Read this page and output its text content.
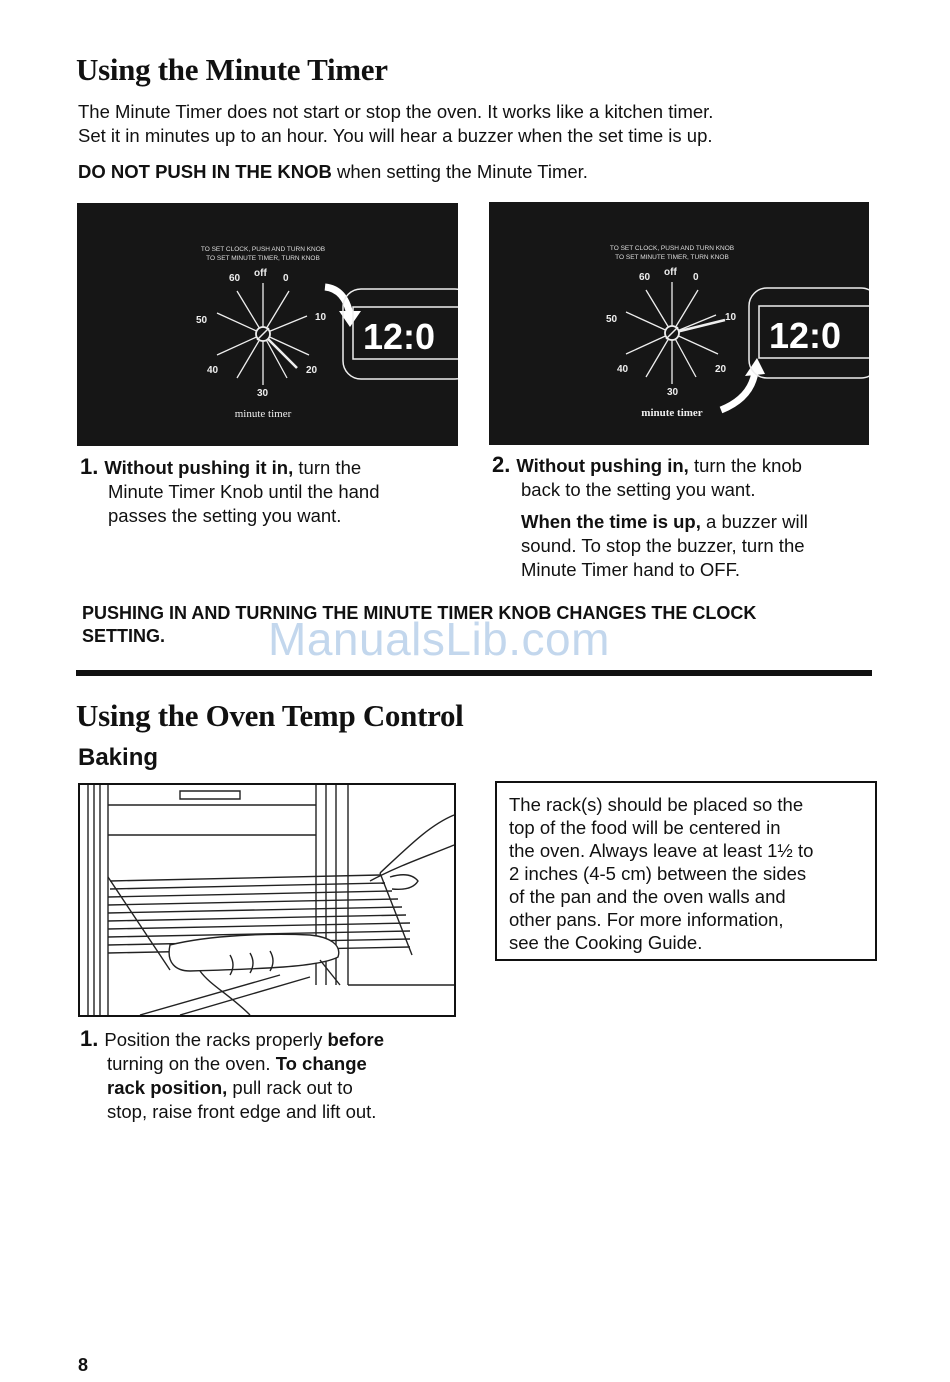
Using the Minute Timer
The Minute Timer does not start or stop the oven. It works like a kitchen timer.
Set it in minutes up to an hour. You will hear a buzzer when the set time is up.
DO NOT PUSH IN THE KNOB when setting the Minute Timer.
TO SET CLOCK, PUSH AND TURN KNOB
TO SET MINUTE TIMER, TURN KNOB
60 off 0
10
20
30
40
50
minute timer
12:0
TO SET CLOCK, PUSH AND TURN KNOB
TO SET MINUTE TIMER, TURN KNOB
60 off 0
10
20
30
40
50
minute timer
12:0
1. Without pushing it in, turn the
Minute Timer Knob until the hand
passes the setting you want.
2. Without pushing in, turn the knob
back to the setting you want.
When the time is up, a buzzer will
sound. To stop the buzzer, turn the
Minute Timer hand to OFF.
PUSHING IN AND TURNING THE MINUTE TIMER KNOB CHANGES THE CLOCK
SETTING.	ManualsLib.com
Using the Oven Temp Control
Baking
The rack(s) should be placed so the
top of the food will be centered in
the oven. Always leave at least 1½ to
2 inches (4-5 cm) between the sides
of the pan and the oven walls and
other pans. For more information,
see the Cooking Guide.
1. Position the racks properly before
turning on the oven. To change
rack position, pull rack out to
stop, raise front edge and lift out.
8
